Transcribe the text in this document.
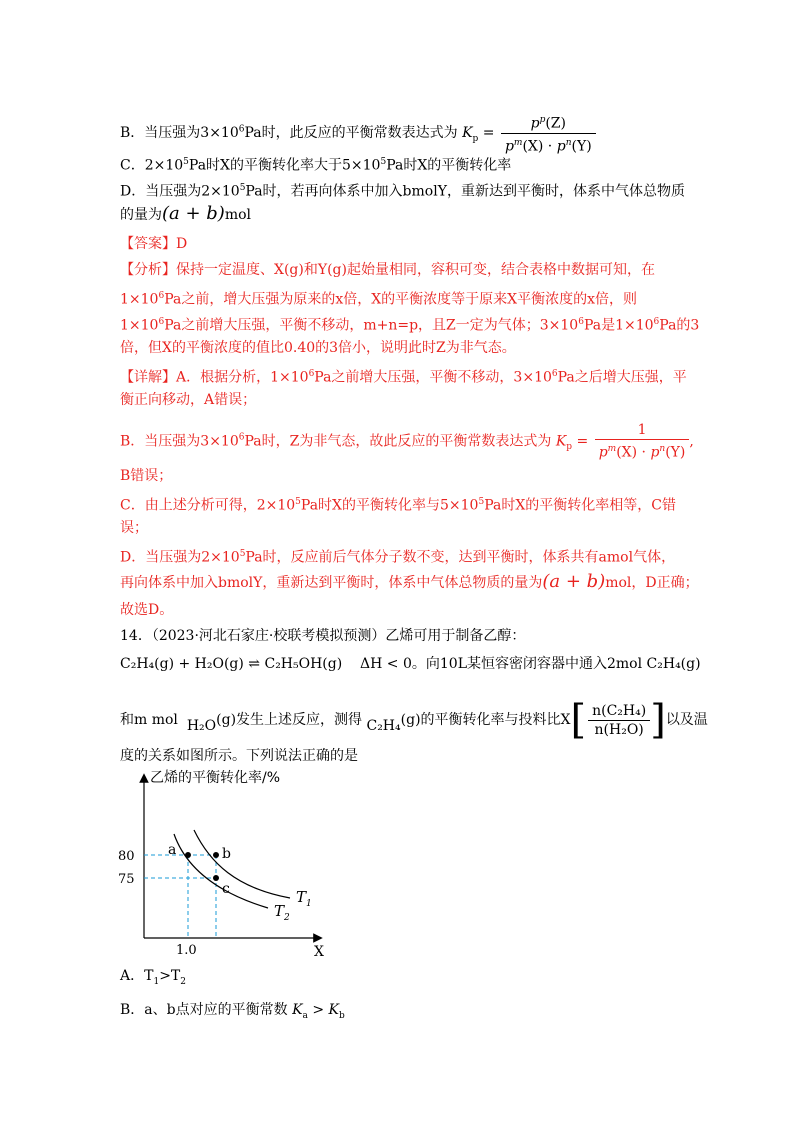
B．当压强为$3\times 10^6Pa$时，此反应的平衡常数表达式为 $K_p = \frac{p^p(Z)}{p^m(X) \cdot p^n(Y)}$
C．$2\times 10^5Pa$时X的平衡转化率大于$5\times 10^5Pa$时X的平衡转化率
D．当压强为$2\times 10^5Pa$时，若再向体系中加入bmolY，重新达到平衡时，体系中气体总物质
的量为(a + b)mol
【答案】D
【分析】保持一定温度、X(g)和Y(g)起始量相同，容积可变，结合表格中数据可知，在
$1\times 10^6Pa$之前，增大压强为原来的x倍，X的平衡浓度等于原来X平衡浓度的x倍，则
$1\times 10^6Pa$之前增大压强，平衡不移动，m+n=p，且Z一定为气体；$3\times 10^6Pa$是$1\times 10^6Pa$的3
倍，但X的平衡浓度的值比0.40的3倍小，说明此时Z为非气态。
【详解】A．根据分析，$1\times 10^6Pa$之前增大压强，平衡不移动，$3\times 10^6Pa$之后增大压强，平
衡正向移动，A错误；
B．当压强为$3\times 10^6Pa$时，Z为非气态，故此反应的平衡常数表达式为 $K_p = \frac{1}{p^m(X) \cdot p^n(Y)}$ ,
B错误；
C．由上述分析可得，$2\times 10^5Pa$时X的平衡转化率与$5\times 10^5Pa$时X的平衡转化率相等，C错
误；
D．当压强为$2\times 10^5Pa$时，反应前后气体分子数不变，达到平衡时，体系共有amol气体，
再向体系中加入bmolY，重新达到平衡时，体系中气体总物质的量为(a + b)mol，D正确；
故选D。
14．（2023·河北石家庄·校联考模拟预测）乙烯可用于制备乙醇：
C₂H₄(g) + H₂O(g) ⇌ C₂H₅OH(g) ΔH < 0。向10L某恒容密闭容器中通入2mol C₂H₄(g)
和m mol H₂O(g)发生上述反应，测得 C₂H₄(g)的平衡转化率与投料比$X[ \frac{\text{n(C₂H₄)}}{\text{n(H₂O)}}$ ]以及温
度的关系如图所示。下列说法正确的是
乙烯的平衡转化率/%
X
80
75
1.0
a	b
c	$T_1$
$T_2$
A．$T_1>T_2$
B．a、b点对应的平衡常数 $K_a > K_b$
